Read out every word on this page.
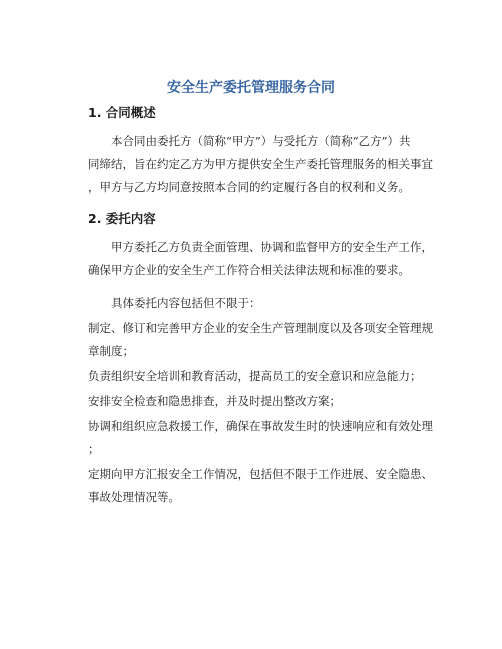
安全生产委托管理服务合同
1. 合同概述
本合同由委托方（简称“甲方”）与受托方（简称“乙方”）共
同缔结，旨在约定乙方为甲方提供安全生产委托管理服务的相关事宜
，甲方与乙方均同意按照本合同的约定履行各自的权利和义务。
2. 委托内容
甲方委托乙方负责全面管理、协调和监督甲方的安全生产工作，
确保甲方企业的安全生产工作符合相关法律法规和标准的要求。
具体委托内容包括但不限于：
制定、修订和完善甲方企业的安全生产管理制度以及各项安全管理规
章制度；
负责组织安全培训和教育活动，提高员工的安全意识和应急能力；
安排安全检查和隐患排查，并及时提出整改方案；
协调和组织应急救援工作，确保在事故发生时的快速响应和有效处理
；
定期向甲方汇报安全工作情况，包括但不限于工作进展、安全隐患、
事故处理情况等。
